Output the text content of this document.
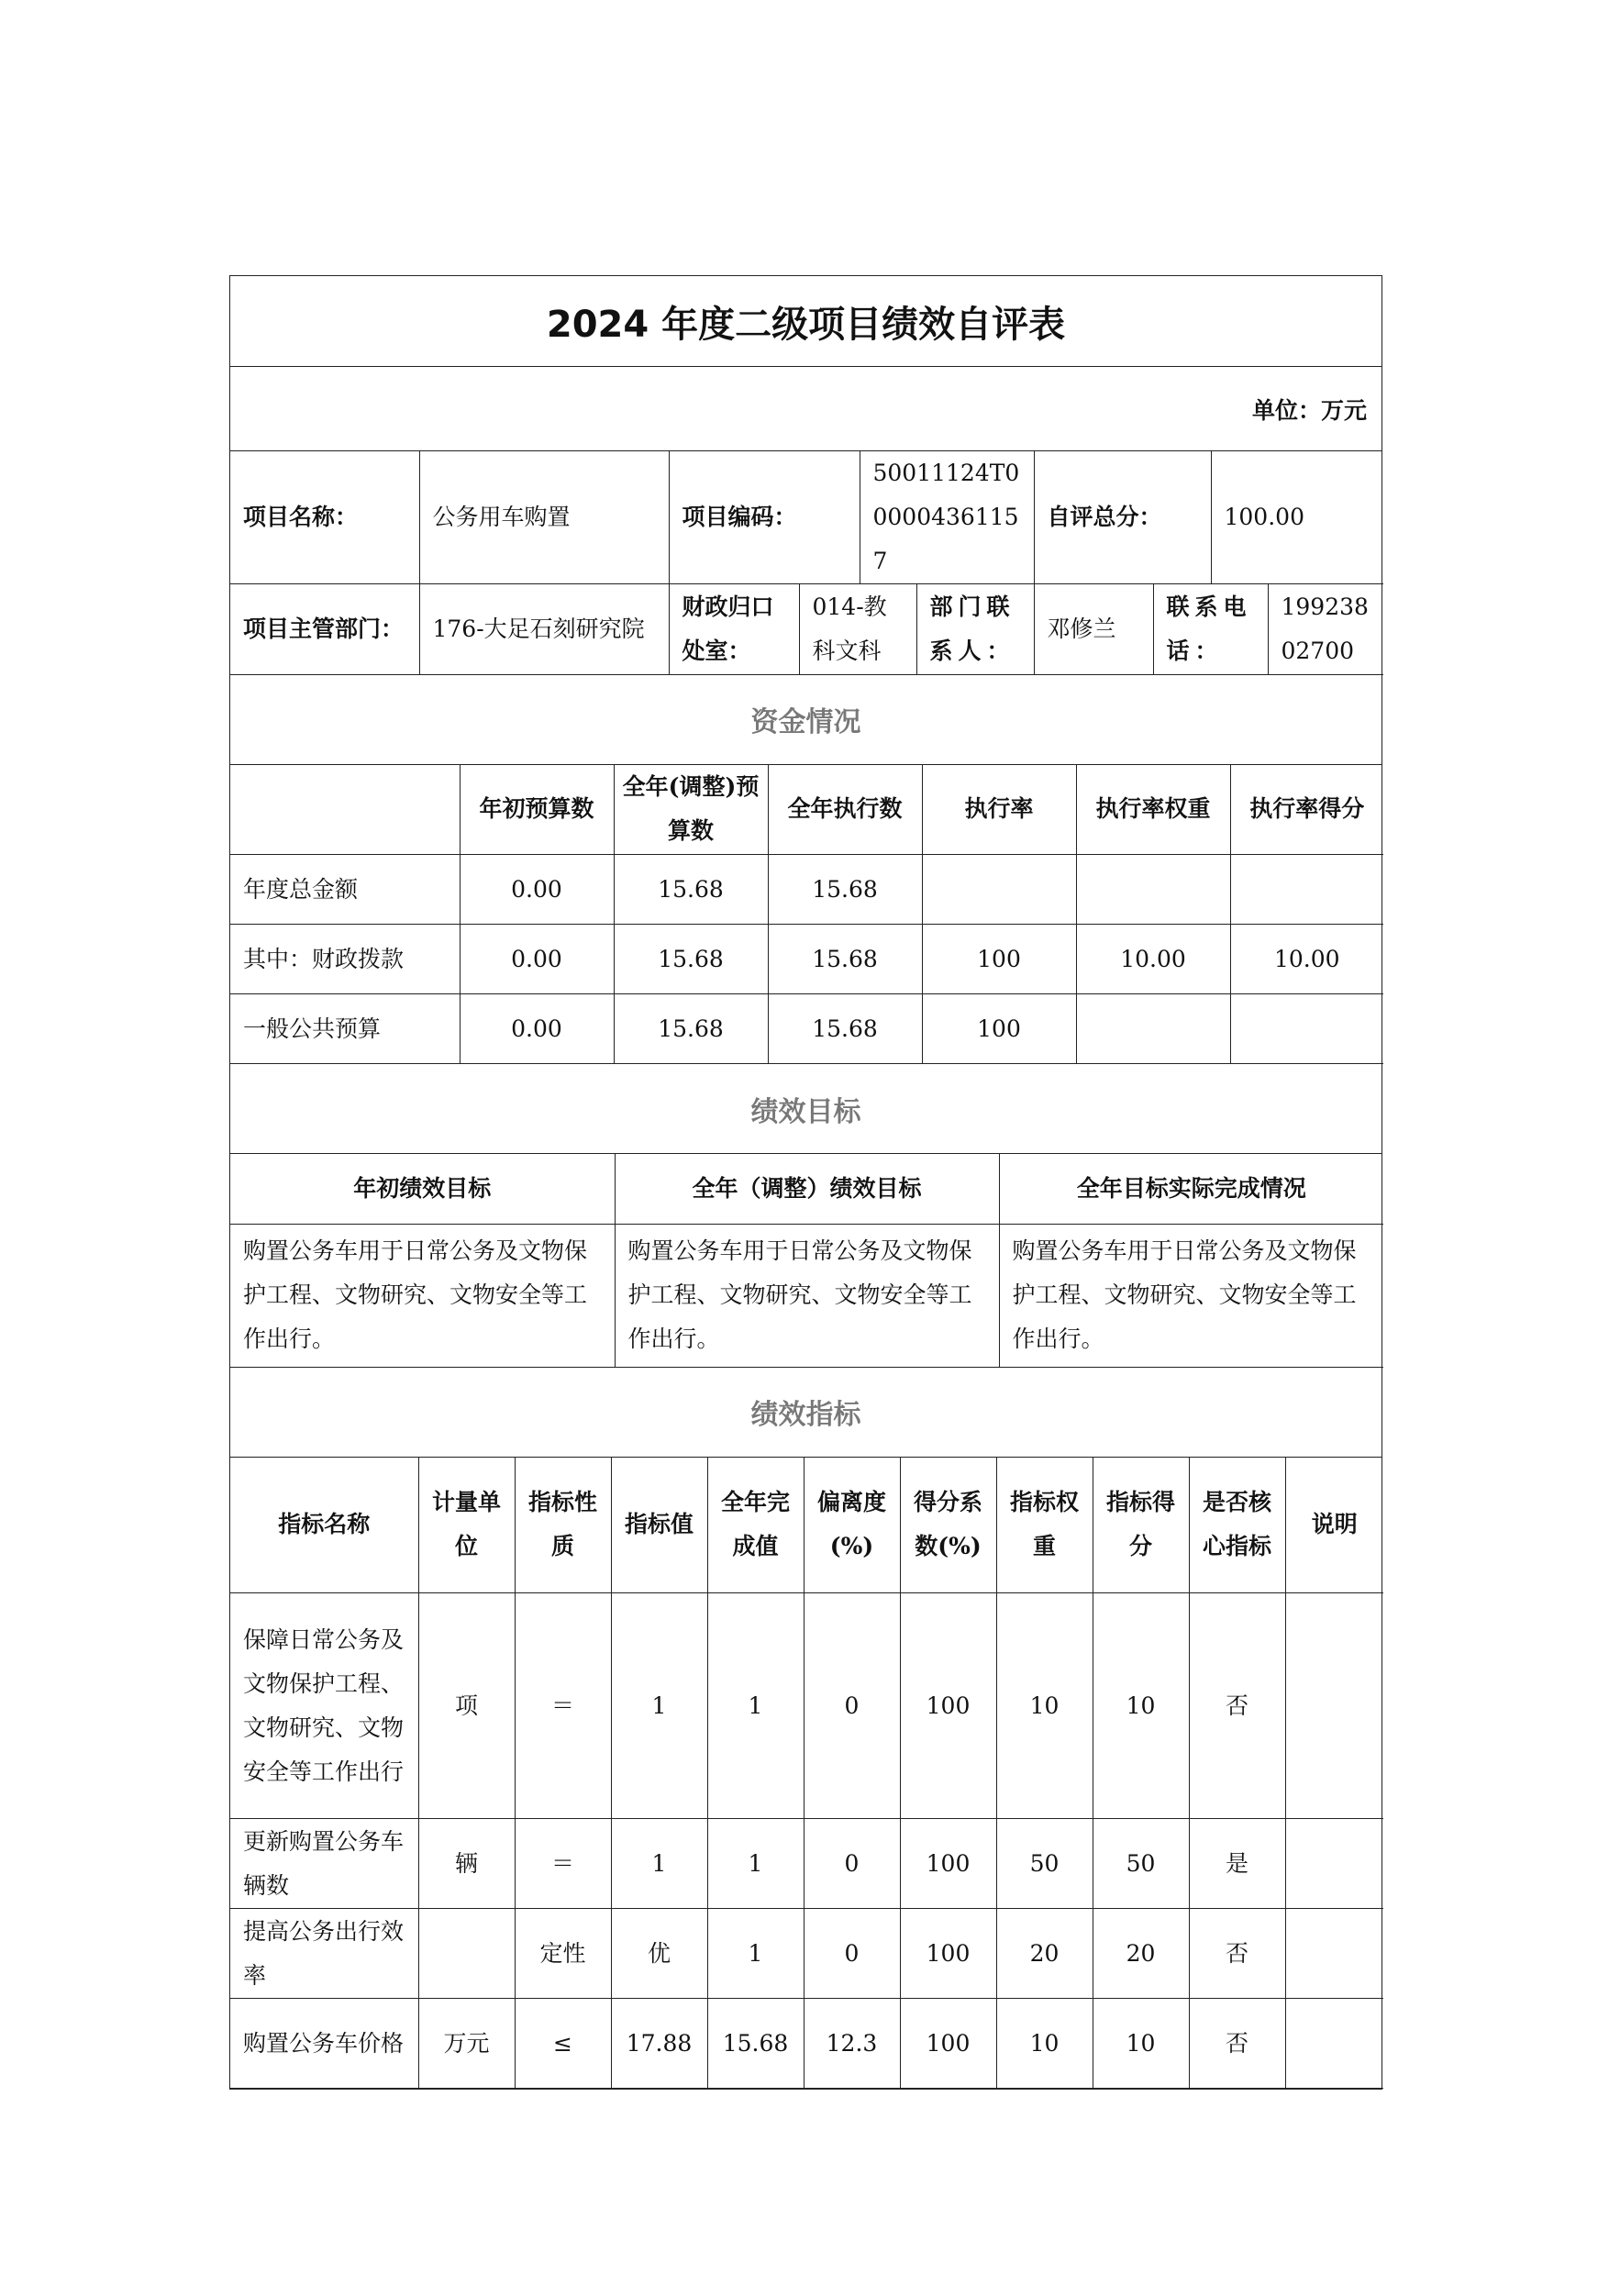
2024 年度二级项目绩效自评表
单位：万元
项目名称：	公务用车购置	项目编码：	50011124T000004361157	自评总分：	100.00
项目主管部门：	176-大足石刻研究院	财政归口处室：	014-教科文科	部门联系人：	邓修兰	联系电话：	19923802700
资金情况
	年初预算数	全年(调整)预算数	全年执行数	执行率	执行率权重	执行率得分
年度总金额	0.00	15.68	15.68			
其中：财政拨款	0.00	15.68	15.68	100	10.00	10.00
一般公共预算	0.00	15.68	15.68	100		
绩效目标
年初绩效目标	全年（调整）绩效目标	全年目标实际完成情况
购置公务车用于日常公务及文物保护工程、文物研究、文物安全等工作出行。	购置公务车用于日常公务及文物保护工程、文物研究、文物安全等工作出行。	购置公务车用于日常公务及文物保护工程、文物研究、文物安全等工作出行。
绩效指标
指标名称	计量单位	指标性质	指标值	全年完成值	偏离度(%)	得分系数(%)	指标权重	指标得分	是否核心指标	说明
保障日常公务及文物保护工程、文物研究、文物安全等工作出行	项	＝	1	1	0	100	10	10	否	
更新购置公务车辆数	辆	＝	1	1	0	100	50	50	是	
提高公务出行效率		定性	优	1	0	100	20	20	否	
购置公务车价格	万元	≤	17.88	15.68	12.3	100	10	10	否	
